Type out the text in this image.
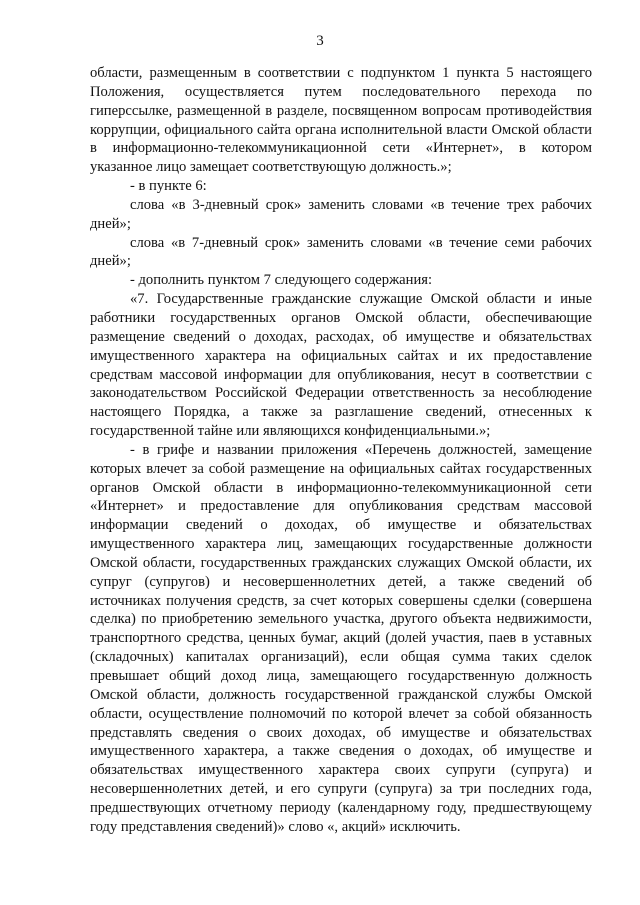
3

области, размещенным в соответствии с подпунктом 1 пункта 5 настоящего Положения, осуществляется путем последовательного перехода по гиперссылке, размещенной в разделе, посвященном вопросам противодействия коррупции, официального сайта органа исполнительной власти Омской области в информационно-телекоммуникационной сети «Интернет», в котором указанное лицо замещает соответствующую должность.»;

- в пункте 6:

слова «в 3-дневный срок» заменить словами «в течение трех рабочих дней»;

слова «в 7-дневный срок» заменить словами «в течение семи рабочих дней»;

- дополнить пунктом 7 следующего содержания:

«7. Государственные гражданские служащие Омской области и иные работники государственных органов Омской области, обеспечивающие размещение сведений о доходах, расходах, об имуществе и обязательствах имущественного характера на официальных сайтах и их предоставление средствам массовой информации для опубликования, несут в соответствии с законодательством Российской Федерации ответственность за несоблюдение настоящего Порядка, а также за разглашение сведений, отнесенных к государственной тайне или являющихся конфиденциальными.»;

- в грифе и названии приложения «Перечень должностей, замещение которых влечет за собой размещение на официальных сайтах государственных органов Омской области в информационно-телекоммуникационной сети «Интернет» и предоставление для опубликования средствам массовой информации сведений о доходах, об имуществе и обязательствах имущественного характера лиц, замещающих государственные должности Омской области, государственных гражданских служащих Омской области, их супруг (супругов) и несовершеннолетних детей, а также сведений об источниках получения средств, за счет которых совершены сделки (совершена сделка) по приобретению земельного участка, другого объекта недвижимости, транспортного средства, ценных бумаг, акций (долей участия, паев в уставных (складочных) капиталах организаций), если общая сумма таких сделок превышает общий доход лица, замещающего государственную должность Омской области, должность государственной гражданской службы Омской области, осуществление полномочий по которой влечет за собой обязанность представлять сведения о своих доходах, об имуществе и обязательствах имущественного характера, а также сведения о доходах, об имуществе и обязательствах имущественного характера своих супруги (супруга) и несовершеннолетних детей, и его супруги (супруга) за три последних года, предшествующих отчетному периоду (календарному году, предшествующему году представления сведений)» слово «, акций» исключить.
